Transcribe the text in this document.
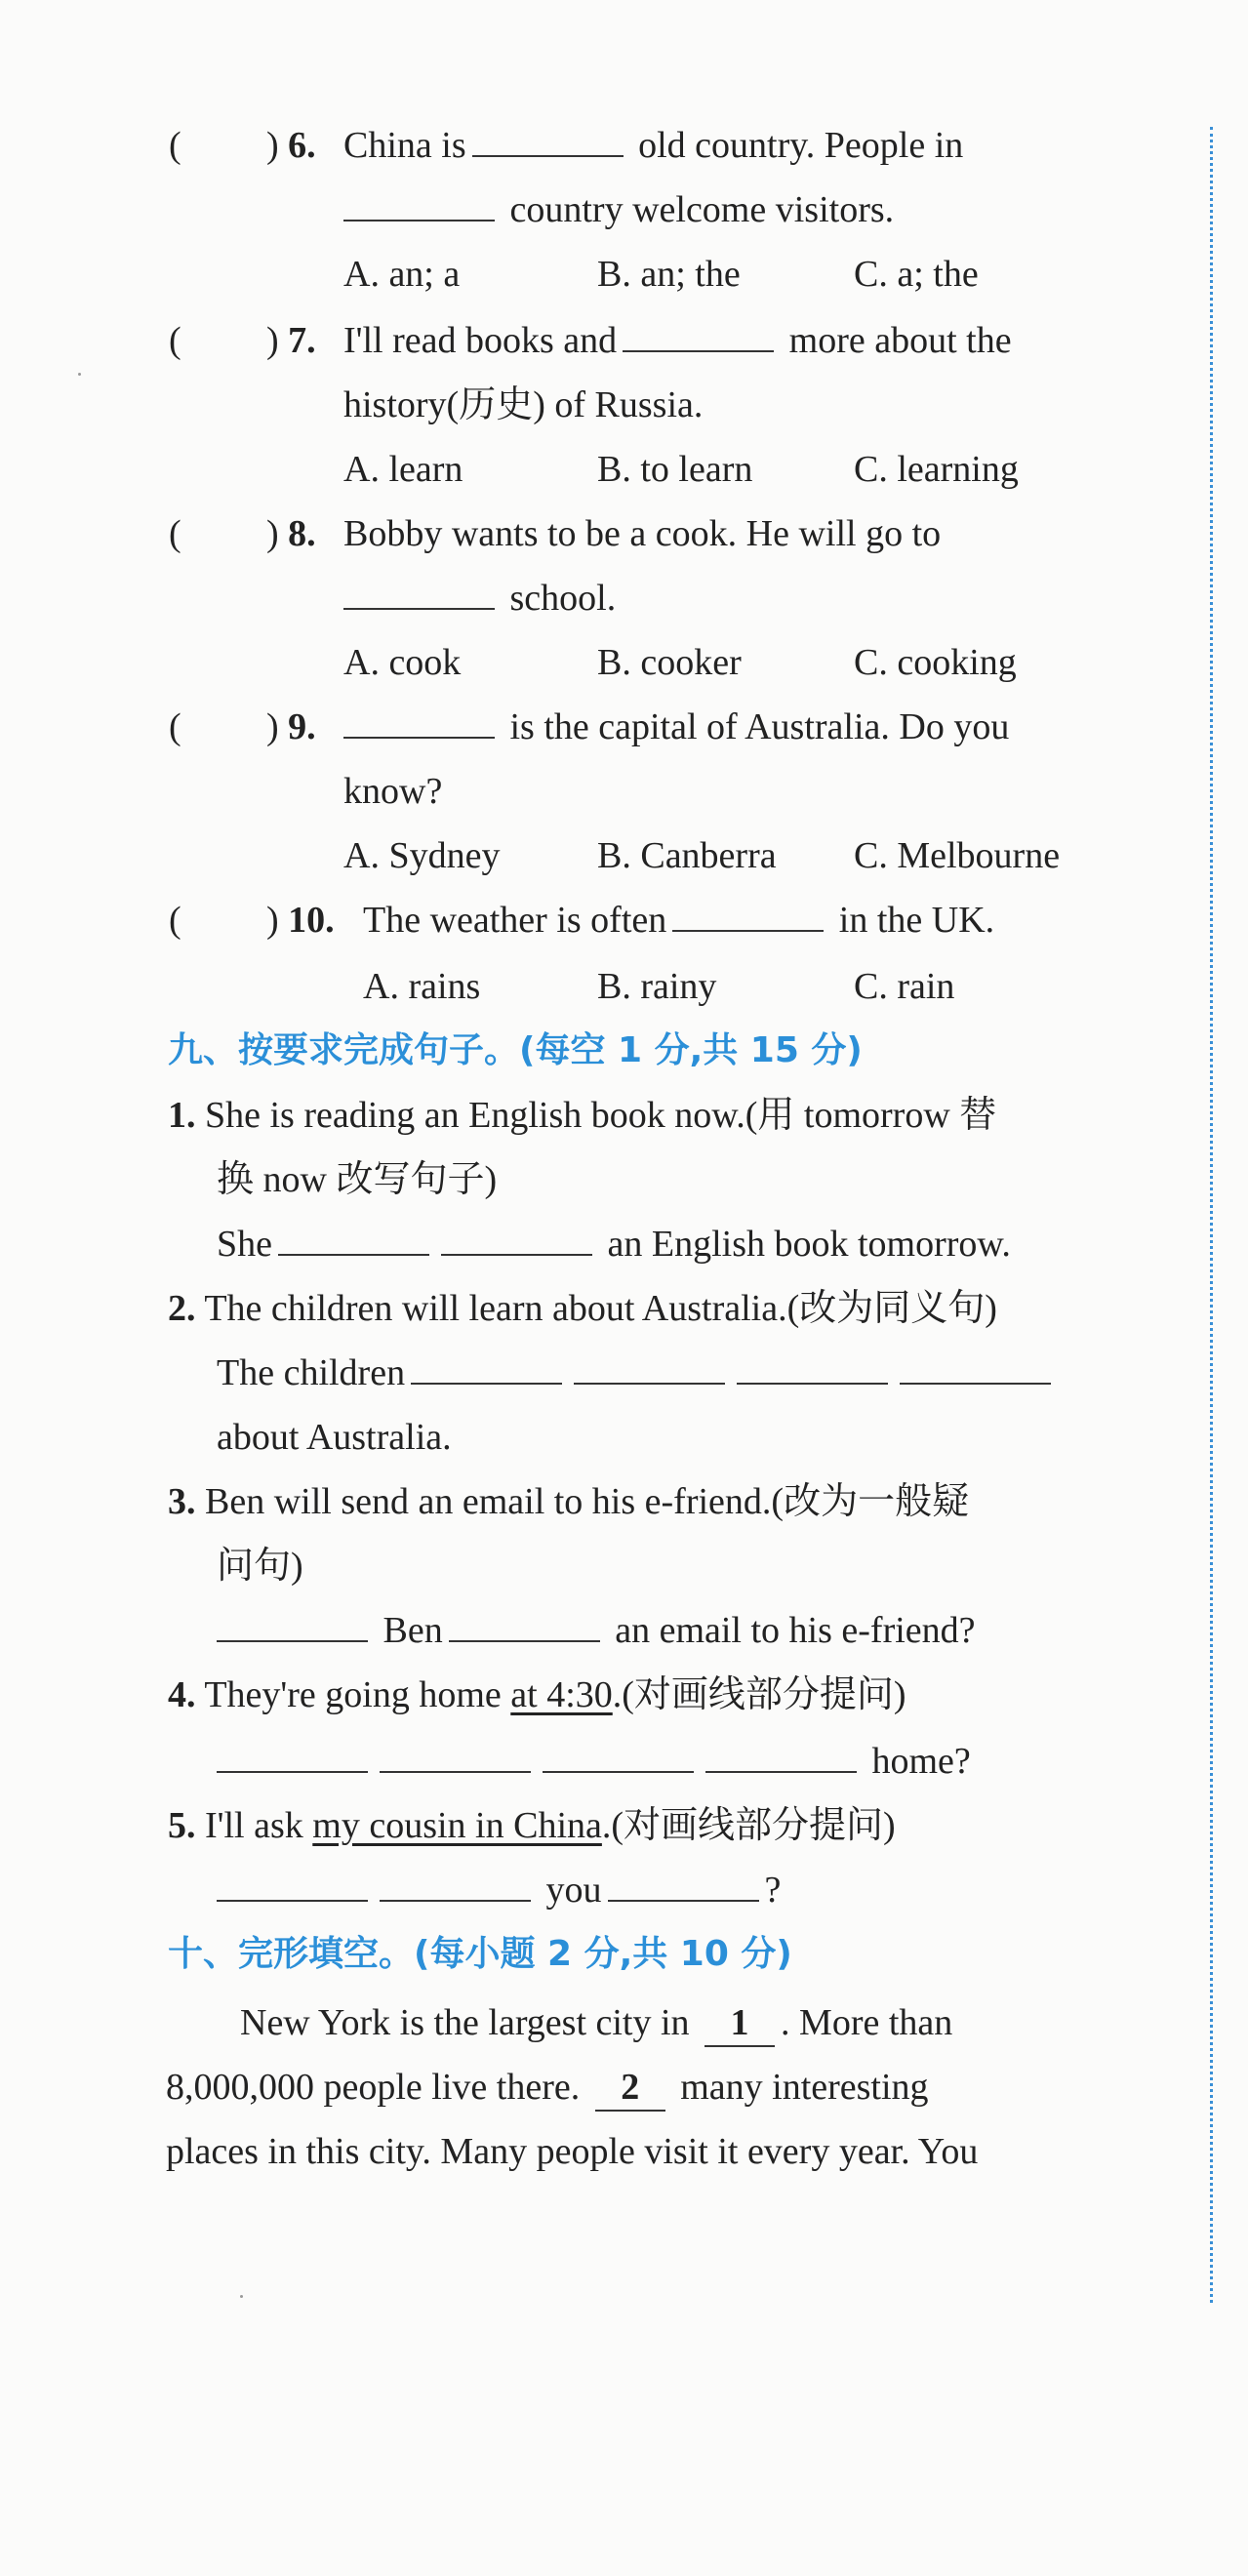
( ) 6. China is	old country. People in
country welcome visitors.
A. an; a	B. an; the	C. a; the
( ) 7. I'll read books and	more about the
history(历史) of Russia.
A. learn	B. to learn	C. learning
( ) 8. Bobby wants to be a cook. He will go to
school.
A. cook	B. cooker	C. cooking
( ) 9.	is the capital of Australia. Do you
know?
A. Sydney	B. Canberra C. Melbourne
( ) 10. The weather is often	in the UK.
A. rains	B. rainy	C. rain
九、按要求完成句子。(每空 1 分,共 15 分)
1. She is reading an English book now.(用 tomorrow 替
换 now 改写句子)
She	an English book tomorrow.
2. The children will learn about Australia.(改为同义句)
The children
about Australia.
3. Ben will send an email to his e-friend.(改为一般疑
问句)
Ben	an email to his e-friend?
4. They're going home at 4:30.(对画线部分提问)
home?
5. I'll ask my cousin in China.(对画线部分提问)
you	?
十、完形填空。(每小题 2 分,共 10 分)
New York is the largest city in 1 . More than
8,000,000 people live there. 2 many interesting
places in this city. Many people visit it every year. You
